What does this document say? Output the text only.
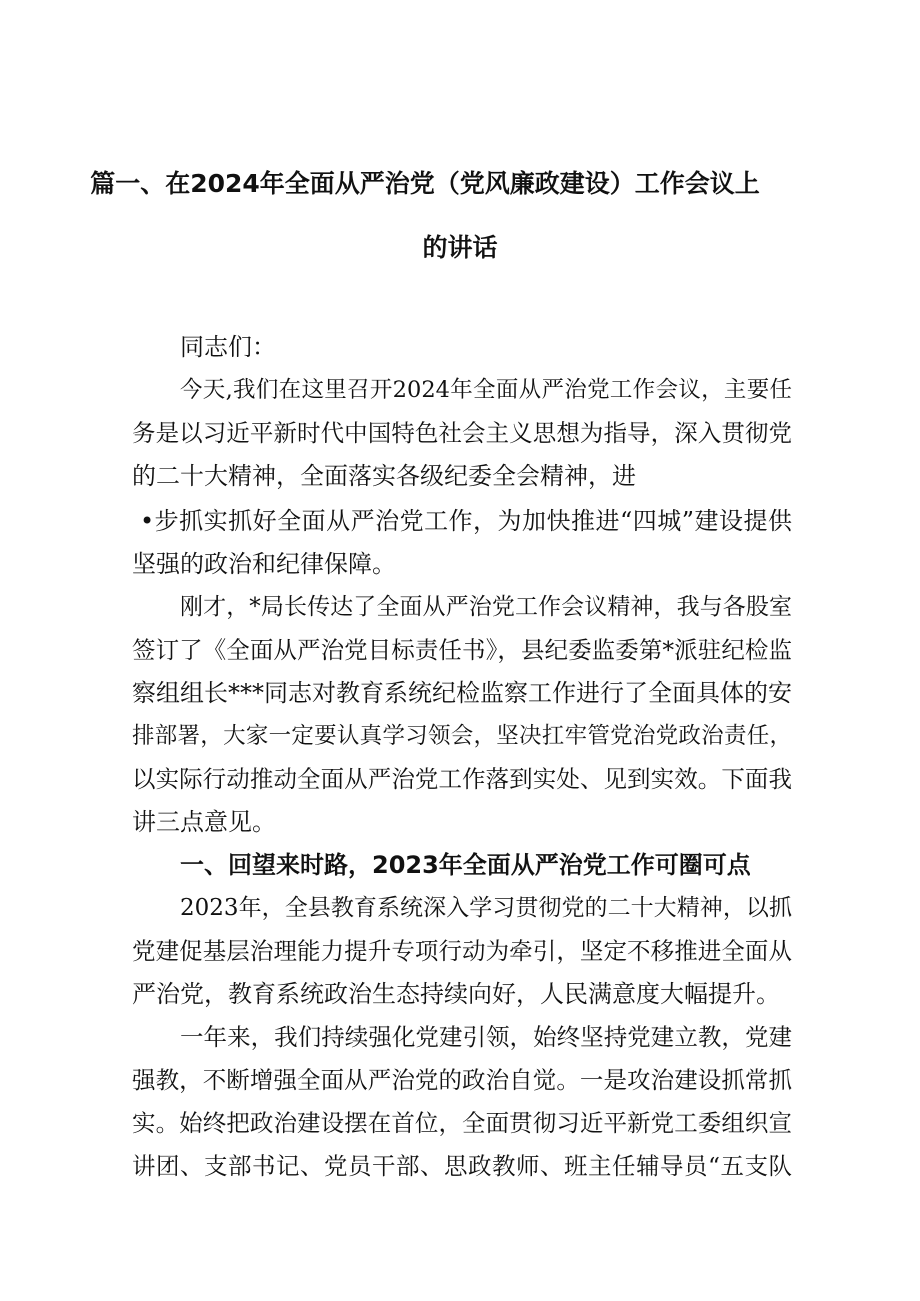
篇一、在2024年全面从严治党（党风廉政建设）工作会议上
的讲话
同志们：
今天,我们在这里召开2024年全面从严治党工作会议，主要任
务是以习近平新时代中国特色社会主义思想为指导，深入贯彻党
的二十大精神，全面落实各级纪委全会精神，进
•步抓实抓好全面从严治党工作，为加快推进“四城”建设提供
坚强的政治和纪律保障。
刚才，*局长传达了全面从严治党工作会议精神，我与各股室
签订了《全面从严治党目标责任书》，县纪委监委第*派驻纪检监
察组组长***同志对教育系统纪检监察工作进行了全面具体的安
排部署，大家一定要认真学习领会，坚决扛牢管党治党政治责任，
以实际行动推动全面从严治党工作落到实处、见到实效。下面我
讲三点意见。
一、回望来时路，2023年全面从严治党工作可圈可点
2023年，全县教育系统深入学习贯彻党的二十大精神，以抓
党建促基层治理能力提升专项行动为牵引，坚定不移推进全面从
严治党，教育系统政治生态持续向好，人民满意度大幅提升。
一年来，我们持续强化党建引领，始终坚持党建立教，党建
强教，不断增强全面从严治党的政治自觉。一是攻治建设抓常抓
实。始终把政治建设摆在首位，全面贯彻习近平新党工委组织宣
讲团、支部书记、党员干部、思政教师、班主任辅导员“五支队
